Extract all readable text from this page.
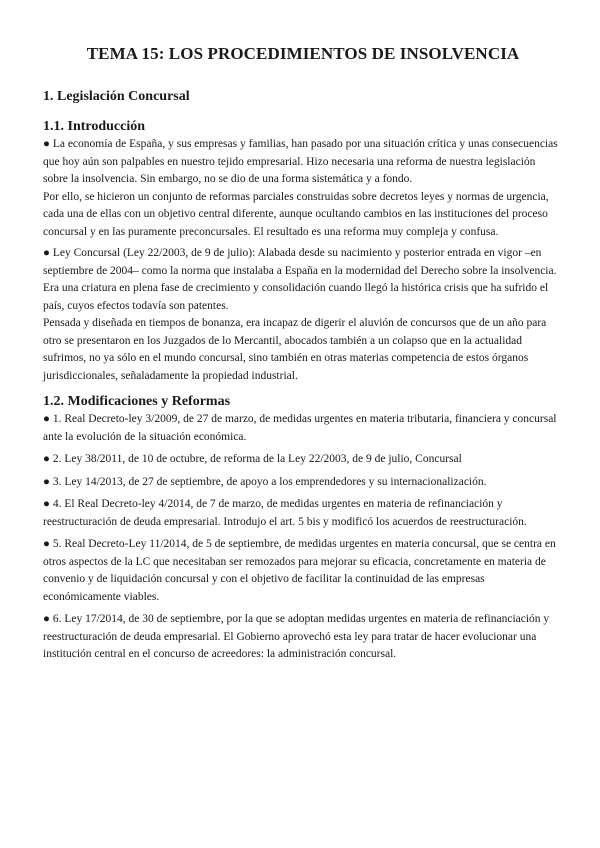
TEMA 15: LOS PROCEDIMIENTOS DE INSOLVENCIA
1. Legislación Concursal
1.1. Introducción

● La economía de España, y sus empresas y familias, han pasado por una situación crítica y unas consecuencias que hoy aún son palpables en nuestro tejido empresarial. Hizo necesaria una reforma de nuestra legislación sobre la insolvencia. Sin embargo, no se dio de una forma sistemática y a fondo.

Por ello, se hicieron un conjunto de reformas parciales construidas sobre decretos leyes y normas de urgencia, cada una de ellas con un objetivo central diferente, aunque ocultando cambios en las instituciones del proceso concursal y en las puramente preconcursales. El resultado es una reforma muy compleja y confusa.

● Ley Concursal (Ley 22/2003, de 9 de julio): Alabada desde su nacimiento y posterior entrada en vigor –en septiembre de 2004– como la norma que instalaba a España en la modernidad del Derecho sobre la insolvencia.

Era una criatura en plena fase de crecimiento y consolidación cuando llegó la histórica crisis que ha sufrido el país, cuyos efectos todavía son patentes.

Pensada y diseñada en tiempos de bonanza, era incapaz de digerir el aluvión de concursos que de un año para otro se presentaron en los Juzgados de lo Mercantil, abocados también a un colapso que en la actualidad sufrimos, no ya sólo en el mundo concursal, sino también en otras materias competencia de estos órganos jurisdiccionales, señaladamente la propiedad industrial.

1.2. Modificaciones y Reformas

● 1. Real Decreto-ley 3/2009, de 27 de marzo, de medidas urgentes en materia tributaria, financiera y concursal ante la evolución de la situación económica.

● 2. Ley 38/2011, de 10 de octubre, de reforma de la Ley 22/2003, de 9 de julio, Concursal

● 3. Ley 14/2013, de 27 de septiembre, de apoyo a los emprendedores y su internacionalización.

● 4. El Real Decreto-ley 4/2014, de 7 de marzo, de medidas urgentes en materia de refinanciación y reestructuración de deuda empresarial. Introdujo el art. 5 bis y modificó los acuerdos de reestructuración.

● 5. Real Decreto-Ley 11/2014, de 5 de septiembre, de medidas urgentes en materia concursal, que se centra en otros aspectos de la LC que necesitaban ser remozados para mejorar su eficacia, concretamente en materia de convenio y de liquidación concursal y con el objetivo de facilitar la continuidad de las empresas económicamente viables.

● 6. Ley 17/2014, de 30 de septiembre, por la que se adoptan medidas urgentes en materia de refinanciación y reestructuración de deuda empresarial. El Gobierno aprovechó esta ley para tratar de hacer evolucionar una institución central en el concurso de acreedores: la administración concursal.
